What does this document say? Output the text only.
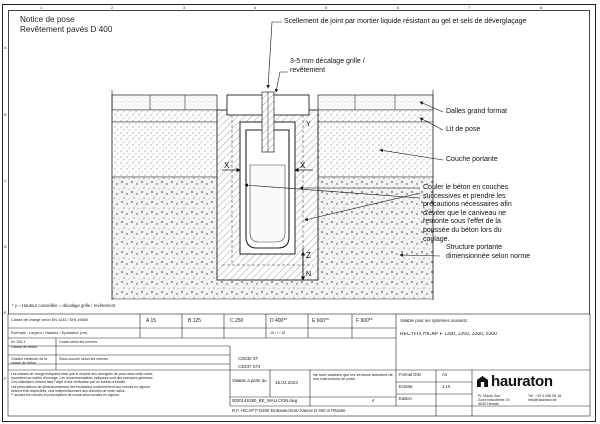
1	2	3	4	5	6	7	8
A
B
C
D
E
F
Notice de pose
Revêtement pavés D 400
X	X
Y
Z
N
Scellement de joint par mortier liquide résistant au gel et sels de déverglaçage
3-5 mm décalage grille /
revêtement
Dalles grand format
Lit de pose
Couche portante
Couler le béton en couches
successives et prendre les
précautions nécessaires afin
d'éviter que le caniveau ne
remonte sous l'effet de la
poussée du béton lors du
coulage.
Structure portante
dimensionnée selon norme
* y = Hauteur conseillée = décalage grille / revêtement
Classe de charge selon EN 1433 / DIN 19580	A 15	B 125	C 250	D 400**	E 600**	F 900**
Exemple : Largeur / Hauteur / Épaisseur (cm)	15 / * / 15
En 206-1
Classe de béton
Grade selon les normes
Grades minimum de la classe de béton
Sous-couche selon les normes	C25/30 XF
C30/37 XF3
Valable pour les systèmes suivants :
RECYFIX HICAP F 1300, 2300, 3300, 5300
Les classes de charge indiquées ainsi que le respect des consignes de pose dans cette notice,
incombent au maître d'ouvrage. Les recommandations indiquées sont des exemples généraux.
Ces indications doivent faire l'objet d'une vérification par un bureau d'études.
Les prescriptions de dimensionnement des fondations conformément aux normes en vigueur
doivent être respectées, ceci indépendamment des données de cette notice.
** suivant les normes et prescriptions de construction locales en vigueur.
Valable à partir du	15.02.2024
Ne sont valables que les versions actuelles de nos instructions de pose.
000014S280_BE_WALLOON.dwg	4
R.F. HICAP F-D400 Einbautechnik/ Klasse D 400 in Pflaster
Format DIN	A4
Echelle	1:10
Edition
hauraton
Pr. Mauls Sarl
Zone Industrielle 24
4040 Herstal
Tél. +32 4 286 95 18
info@hauraton.be
